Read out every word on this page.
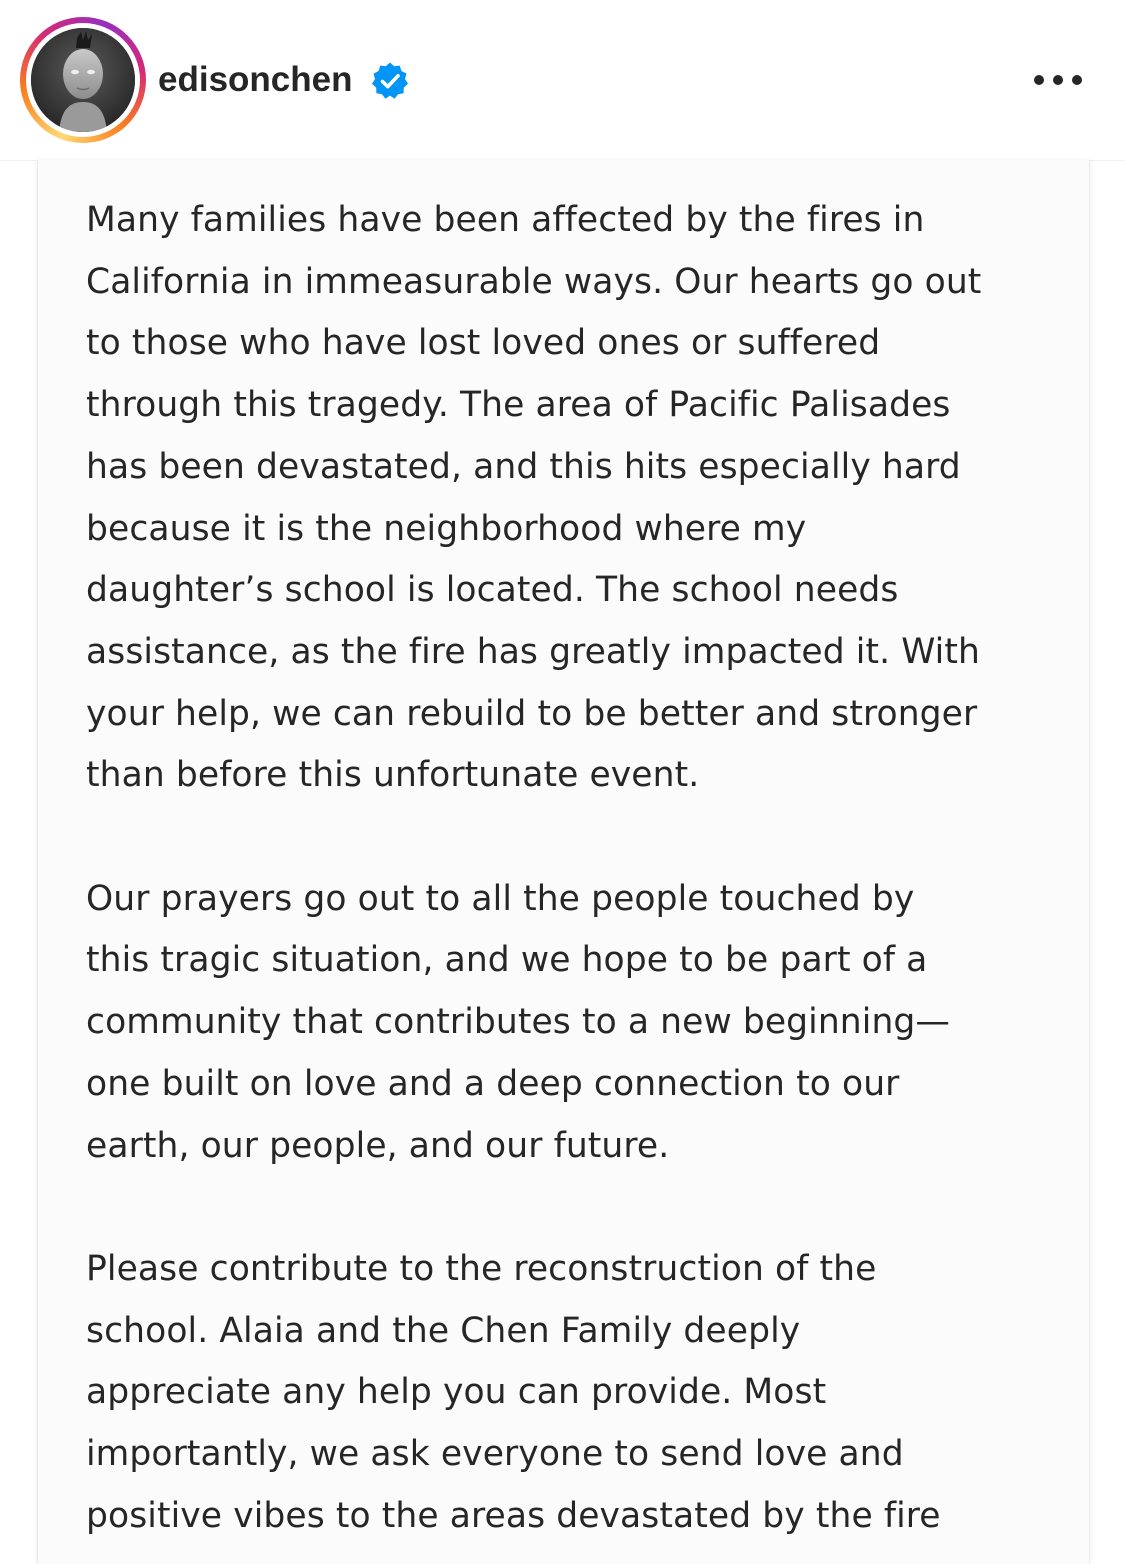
edisonchen

Many families have been affected by the fires in
California in immeasurable ways. Our hearts go out
to those who have lost loved ones or suffered
through this tragedy. The area of Pacific Palisades
has been devastated, and this hits especially hard
because it is the neighborhood where my
daughter’s school is located. The school needs
assistance, as the fire has greatly impacted it. With
your help, we can rebuild to be better and stronger
than before this unfortunate event.

Our prayers go out to all the people touched by
this tragic situation, and we hope to be part of a
community that contributes to a new beginning—
one built on love and a deep connection to our
earth, our people, and our future.

Please contribute to the reconstruction of the
school. Alaia and the Chen Family deeply
appreciate any help you can provide. Most
importantly, we ask everyone to send love and
positive vibes to the areas devastated by the fire
